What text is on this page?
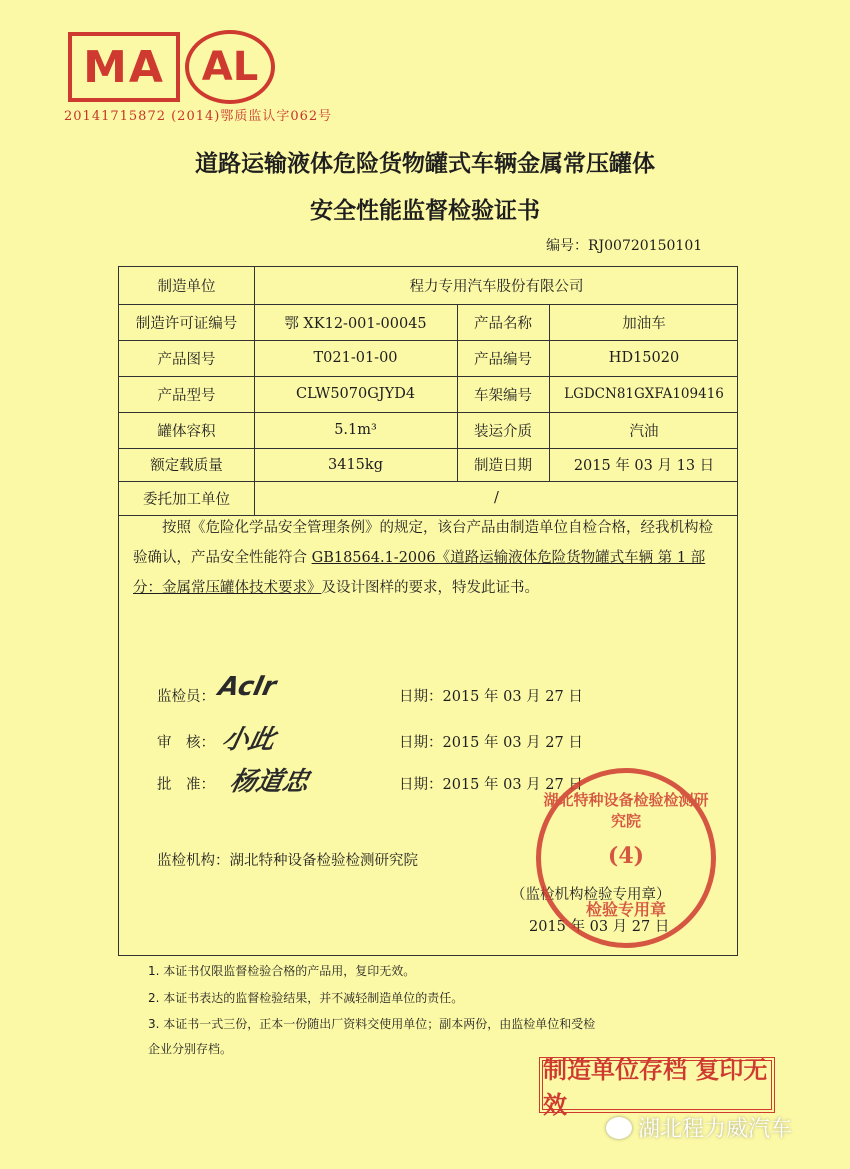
MA AL
20141715872 (2014)鄂质监认字062号
道路运输液体危险货物罐式车辆金属常压罐体
安全性能监督检验证书
编号：RJ00720150101
制造单位	程力专用汽车股份有限公司
制造许可证编号	鄂 XK12-001-00045	产品名称	加油车
产品图号	T021-01-00	产品编号	HD15020
产品型号	CLW5070GJYD4	车架编号	LGDCN81GXFA109416
罐体容积	5.1m³	装运介质	汽油
额定载质量	3415kg	制造日期	2015 年 03 月 13 日
委托加工单位	/
按照《危险化学品安全管理条例》的规定，该台产品由制造单位自检合格，经我机构检验确认，产品安全性能符合 GB18564.1-2006《道路运输液体危险货物罐式车辆 第 1 部分：金属常压罐体技术要求》及设计图样的要求，特发此证书。
监检员： Aclr	日期：2015 年 03 月 27 日
审　核： 小此	日期：2015 年 03 月 27 日
批　准： 杨道忠	日期：2015 年 03 月 27 日
监检机构：湖北特种设备检验检测研究院
（监检机构检验专用章）
2015 年 03 月 27 日
湖北特种设备检验检测研究院
(4)
检验专用章
1. 本证书仅限监督检验合格的产品用，复印无效。
2. 本证书表达的监督检验结果，并不减轻制造单位的责任。
3. 本证书一式三份，正本一份随出厂资料交使用单位；副本两份，由监检单位和受检
企业分别存档。
制造单位存档 复印无效
湖北程力威汽车
